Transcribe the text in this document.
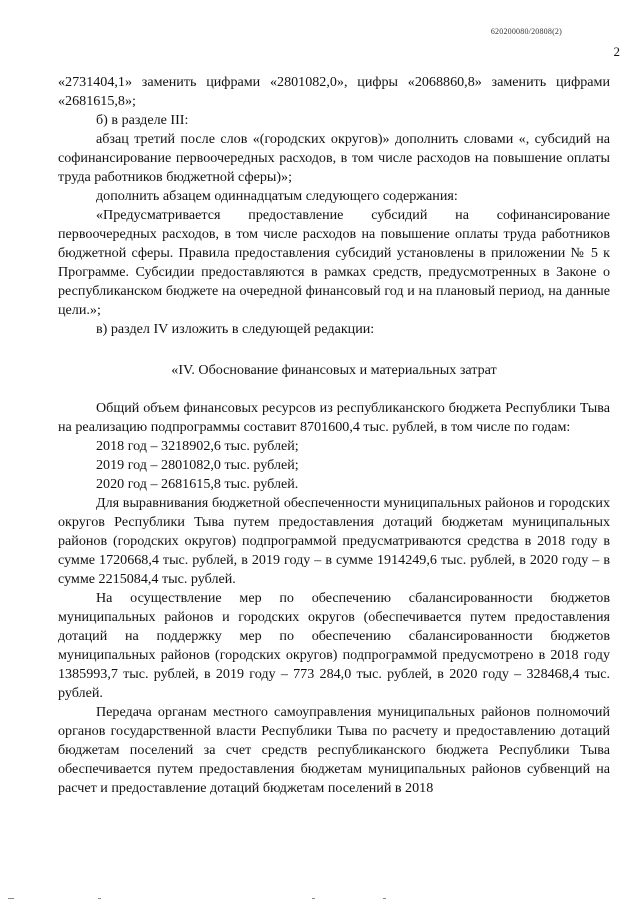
620200080/20808(2)
2

«2731404,1» заменить цифрами «2801082,0», цифры «2068860,8» заменить цифрами «2681615,8»;

б) в разделе III:

абзац третий после слов «(городских округов)» дополнить словами «, субсидий на софинансирование первоочередных расходов, в том числе расходов на повышение оплаты труда работников бюджетной сферы)»;

дополнить абзацем одиннадцатым следующего содержания:

«Предусматривается предоставление субсидий на софинансирование первоочередных расходов, в том числе расходов на повышение оплаты труда работников бюджетной сферы. Правила предоставления субсидий установлены в приложении № 5 к Программе. Субсидии предоставляются в рамках средств, предусмотренных в Законе о республиканском бюджете на очередной финансовый год и на плановый период, на данные цели.»;

в) раздел IV изложить в следующей редакции:

«IV. Обоснование финансовых и материальных затрат

Общий объем финансовых ресурсов из республиканского бюджета Республики Тыва на реализацию подпрограммы составит 8701600,4 тыс. рублей, в том числе по годам:

2018 год – 3218902,6 тыс. рублей;

2019 год – 2801082,0 тыс. рублей;

2020 год – 2681615,8 тыс. рублей.

Для выравнивания бюджетной обеспеченности муниципальных районов и городских округов Республики Тыва путем предоставления дотаций бюджетам муниципальных районов (городских округов) подпрограммой предусматриваются средства в 2018 году в сумме 1720668,4 тыс. рублей, в 2019 году – в сумме 1914249,6 тыс. рублей, в 2020 году – в сумме 2215084,4 тыс. рублей.

На осуществление мер по обеспечению сбалансированности бюджетов муниципальных районов и городских округов (обеспечивается путем предоставления дотаций на поддержку мер по обеспечению сбалансированности бюджетов муниципальных районов (городских округов) подпрограммой предусмотрено в 2018 году 1385993,7 тыс. рублей, в 2019 году – 773 284,0 тыс. рублей, в 2020 году – 328468,4 тыс. рублей.

Передача органам местного самоуправления муниципальных районов полномочий органов государственной власти Республики Тыва по расчету и предоставлению дотаций бюджетам поселений за счет средств республиканского бюджета Республики Тыва обеспечивается путем предоставления бюджетам муниципальных районов субвенций на расчет и предоставление дотаций бюджетам поселений в 2018
